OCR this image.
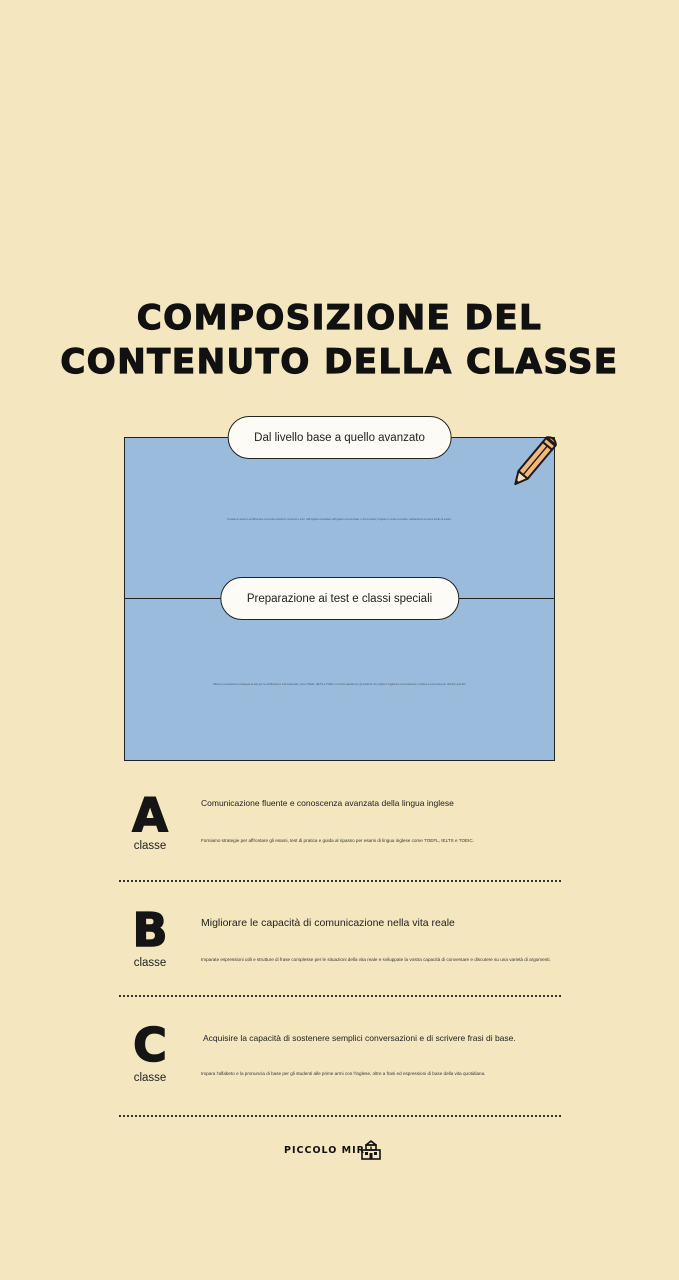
COMPOSIZIONE DEL
CONTENUTO DELLA CLASSE
Possiamo aiutarvi ad affrontare un'ampia varietà di contenuti e temi, dall'inglese quotidiano all'inglese commerciale, e ad imparare l'inglese in modo completo, adattandolo al vostro livello di studio.
Offriamo preparazione strategica ai test per la certificazione internazionale, come TOEFL, IELTS e TOEIC, e lezioni speciali per gli studenti che vogliono migliorare conversazione, scrittura e pronuncia per obiettivi specifici.
Dal livello base a quello avanzato
Preparazione ai test e classi speciali
A
classe
Comunicazione fluente e conoscenza avanzata della lingua inglese
Forniamo strategie per affrontare gli esami, test di pratica e guida al ripasso per esami di lingua inglese come TOEFL, IELTS e TOEIC.
B
classe
Migliorare le capacità di comunicazione nella vita reale
Imparate espressioni utili e strutture di frase complesse per le situazioni della vita reale e sviluppate la vostra capacità di conversare e discutere su una varietà di argomenti.
C
classe
Acquisire la capacità di sostenere semplici conversazioni e di scrivere frasi di base.
Impara l'alfabeto e la pronuncia di base per gli studenti alle prime armi con l'inglese, oltre a frasi ed espressioni di base della vita quotidiana.
PICCOLO MIR
